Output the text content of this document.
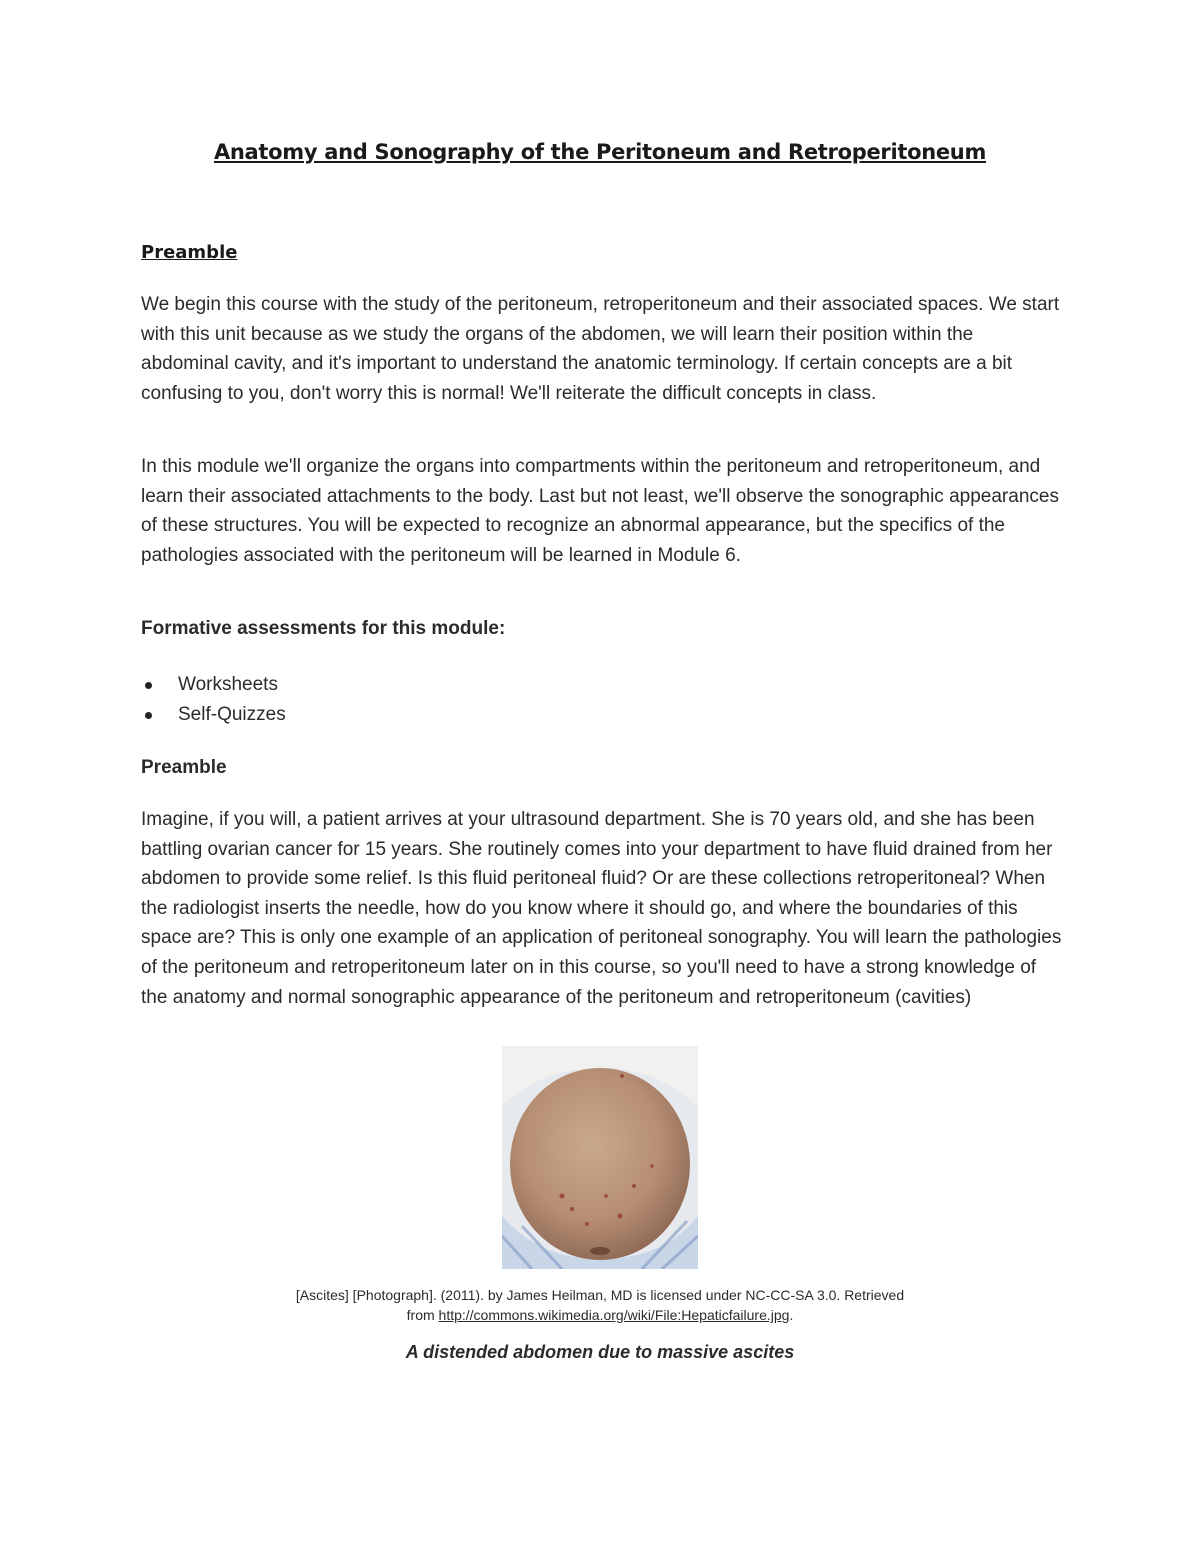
Anatomy and Sonography of the Peritoneum and Retroperitoneum
Preamble

We begin this course with the study of the peritoneum, retroperitoneum and their associated spaces. We start with this unit because as we study the organs of the abdomen, we will learn their position within the abdominal cavity, and it's important to understand the anatomic terminology. If certain concepts are a bit confusing to you, don't worry this is normal! We'll reiterate the difficult concepts in class.

In this module we'll organize the organs into compartments within the peritoneum and retroperitoneum, and learn their associated attachments to the body. Last but not least, we'll observe the sonographic appearances of these structures. You will be expected to recognize an abnormal appearance, but the specifics of the pathologies associated with the peritoneum will be learned in Module 6.

Formative assessments for this module:

Worksheets
Self-Quizzes

Preamble

Imagine, if you will, a patient arrives at your ultrasound department. She is 70 years old, and she has been battling ovarian cancer for 15 years. She routinely comes into your department to have fluid drained from her abdomen to provide some relief. Is this fluid peritoneal fluid? Or are these collections retroperitoneal? When the radiologist inserts the needle, how do you know where it should go, and where the boundaries of this space are? This is only one example of an application of peritoneal sonography. You will learn the pathologies of the peritoneum and retroperitoneum later on in this course, so you'll need to have a strong knowledge of the anatomy and normal sonographic appearance of the peritoneum and retroperitoneum (cavities)

[Ascites] [Photograph]. (2011). by James Heilman, MD is licensed under NC-CC-SA 3.0. Retrieved
from http://commons.wikimedia.org/wiki/File:Hepaticfailure.jpg.

A distended abdomen due to massive ascites
